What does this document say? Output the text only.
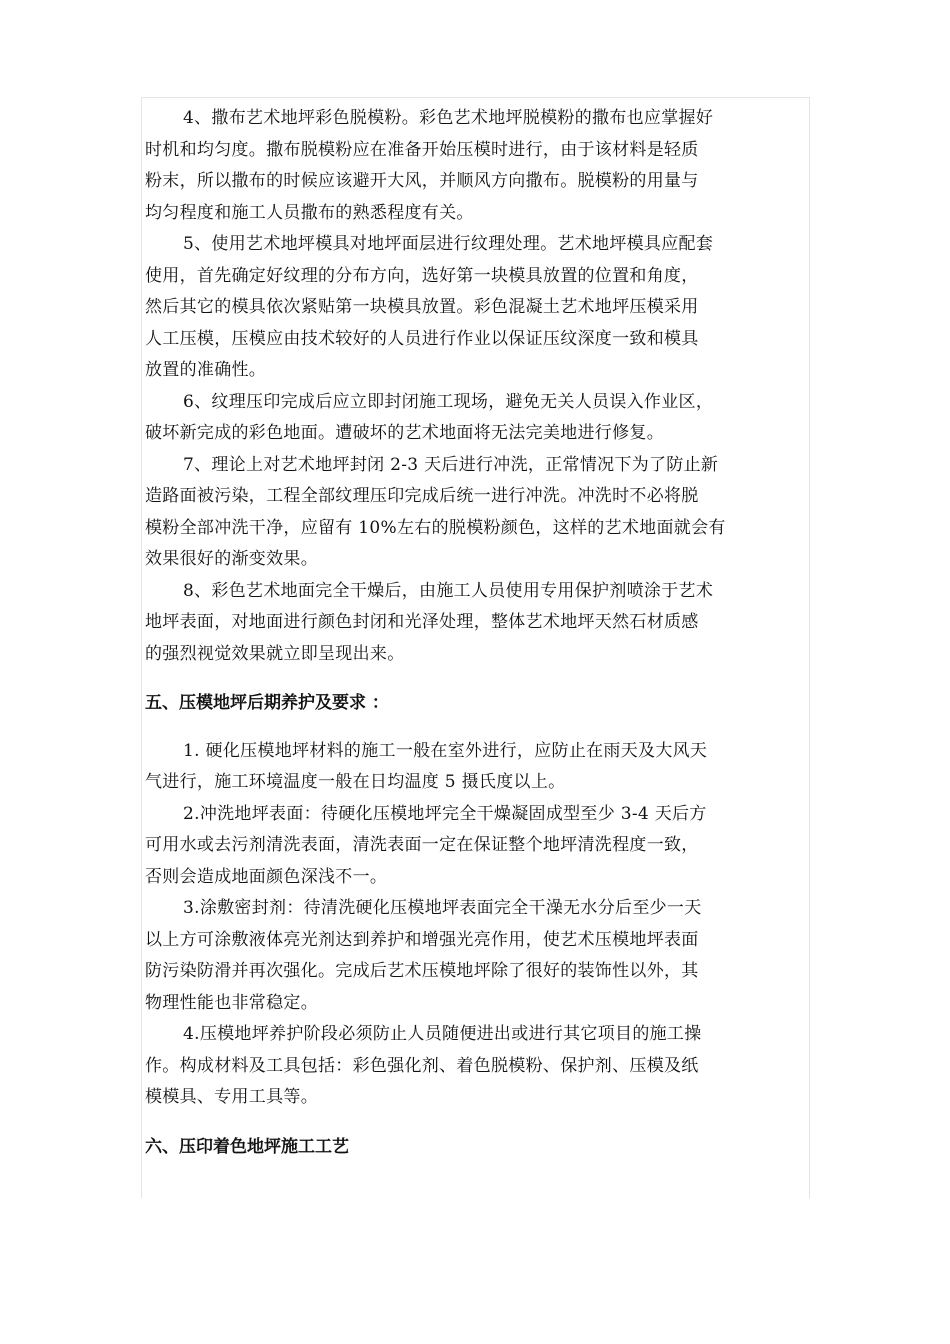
4、撒布艺术地坪彩色脱模粉。彩色艺术地坪脱模粉的撒布也应掌握好
时机和均匀度。撒布脱模粉应在准备开始压模时进行，由于该材料是轻质
粉末，所以撒布的时候应该避开大风，并顺风方向撒布。脱模粉的用量与
均匀程度和施工人员撒布的熟悉程度有关。
5、使用艺术地坪模具对地坪面层进行纹理处理。艺术地坪模具应配套
使用，首先确定好纹理的分布方向，选好第一块模具放置的位置和角度，
然后其它的模具依次紧贴第一块模具放置。彩色混凝土艺术地坪压模采用
人工压模，压模应由技术较好的人员进行作业以保证压纹深度一致和模具
放置的准确性。
6、纹理压印完成后应立即封闭施工现场，避免无关人员误入作业区，
破坏新完成的彩色地面。遭破坏的艺术地面将无法完美地进行修复。
7、理论上对艺术地坪封闭 2-3 天后进行冲洗，正常情况下为了防止新
造路面被污染，工程全部纹理压印完成后统一进行冲洗。冲洗时不必将脱
模粉全部冲洗干净，应留有 10%左右的脱模粉颜色，这样的艺术地面就会有
效果很好的渐变效果。
8、彩色艺术地面完全干燥后，由施工人员使用专用保护剂喷涂于艺术
地坪表面，对地面进行颜色封闭和光泽处理，整体艺术地坪天然石材质感
的强烈视觉效果就立即呈现出来。
五、压模地坪后期养护及要求 ：
1. 硬化压模地坪材料的施工一般在室外进行，应防止在雨天及大风天
气进行，施工环境温度一般在日均温度 5 摄氏度以上。
2.冲洗地坪表面：待硬化压模地坪完全干燥凝固成型至少 3-4 天后方
可用水或去污剂清洗表面，清洗表面一定在保证整个地坪清洗程度一致，
否则会造成地面颜色深浅不一。
3.涂敷密封剂：待清洗硬化压模地坪表面完全干澡无水分后至少一天
以上方可涂敷液体亮光剂达到养护和增强光亮作用，使艺术压模地坪表面
防污染防滑并再次强化。完成后艺术压模地坪除了很好的装饰性以外，其
物理性能也非常稳定。
4.压模地坪养护阶段必须防止人员随便进出或进行其它项目的施工操
作。构成材料及工具包括：彩色强化剂、着色脱模粉、保护剂、压模及纸
模模具、专用工具等。
六、压印着色地坪施工工艺
